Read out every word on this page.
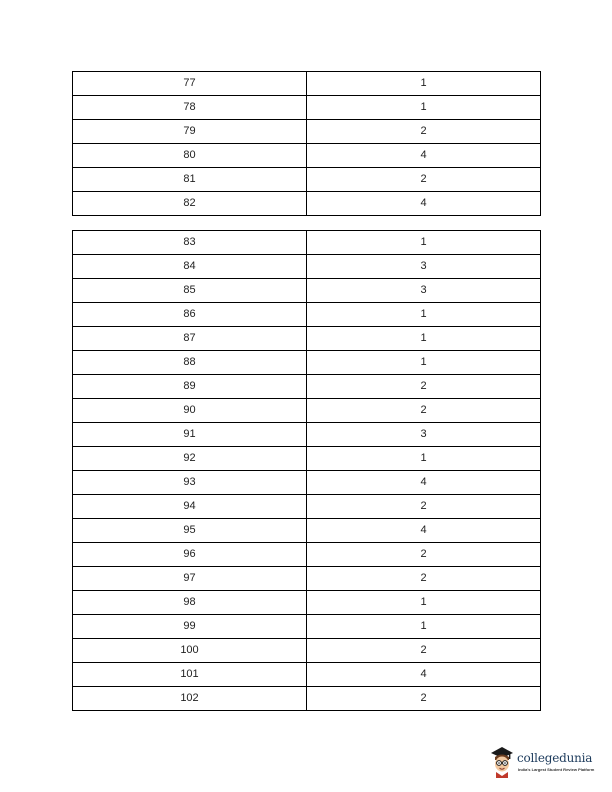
77	1
78	1
79	2
80	4
81	2
82	4
83	1
84	3
85	3
86	1
87	1
88	1
89	2
90	2
91	3
92	1
93	4
94	2
95	4
96	2
97	2
98	1
99	1
100	2
101	4
102	2
collegedunia
India's Largest Student Review Platform
